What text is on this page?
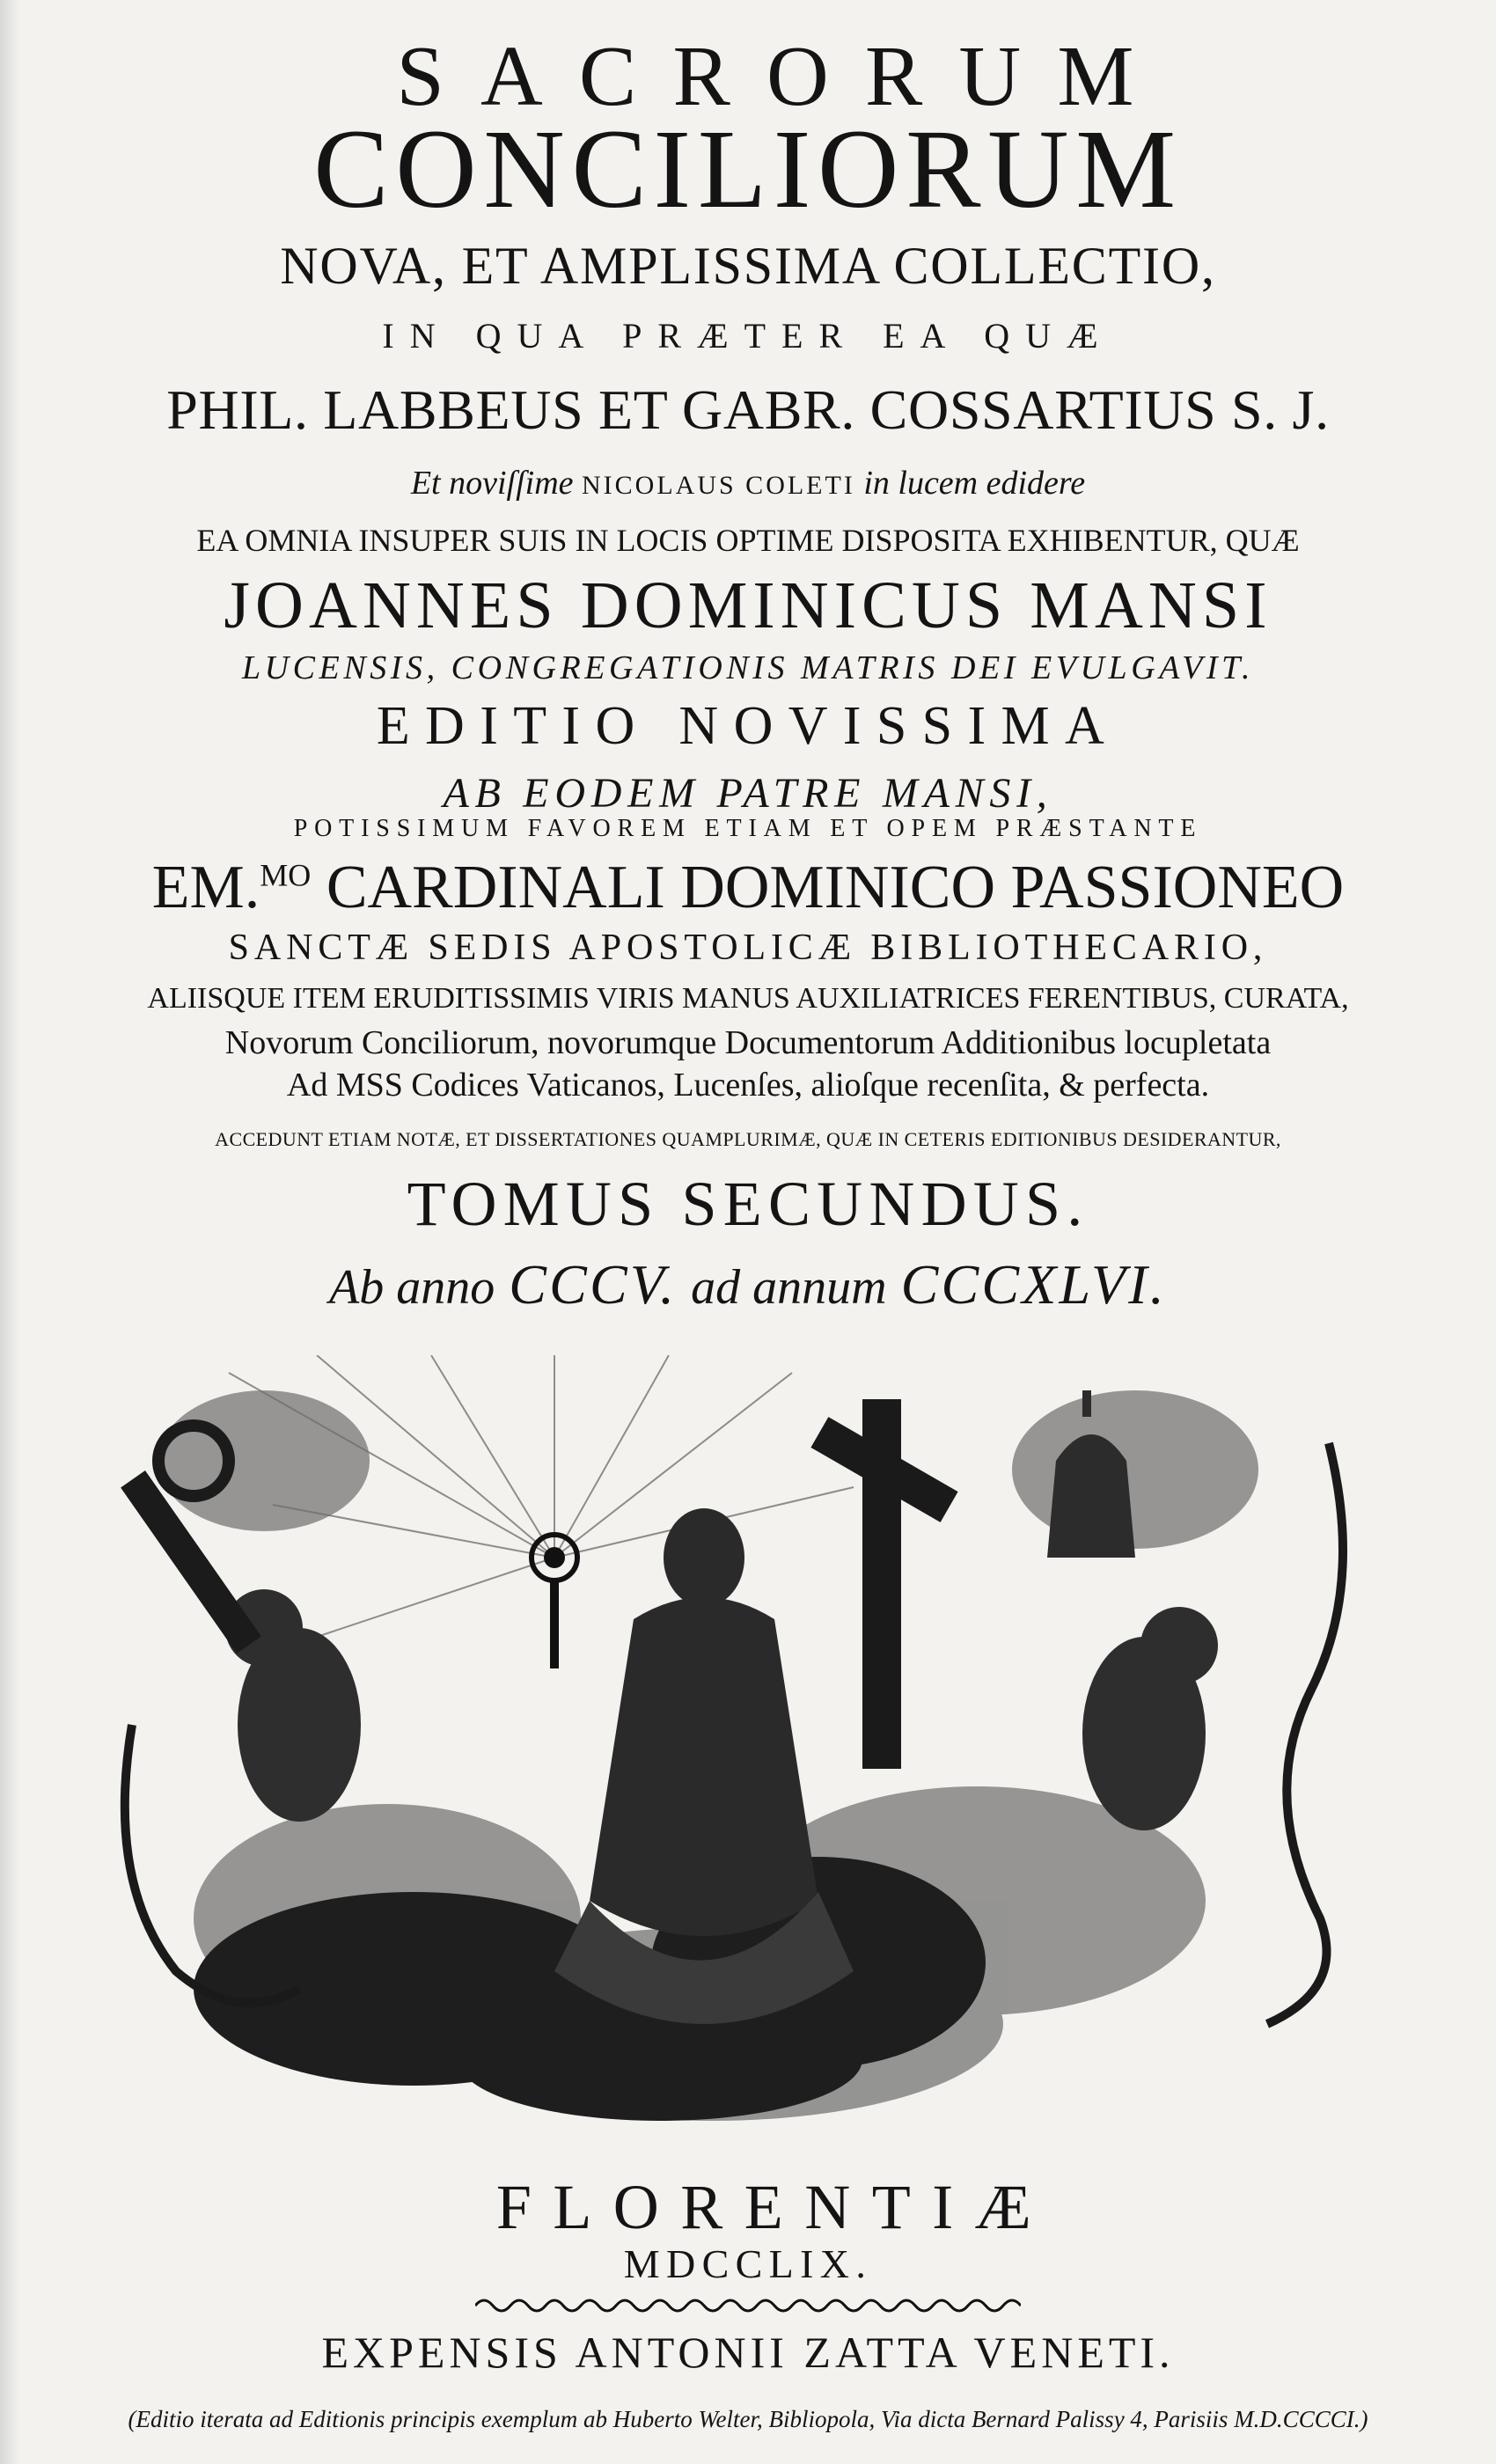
SACRORUM
CONCILIORUM
NOVA, ET AMPLISSIMA COLLECTIO,
IN QUA PRÆTER EA QUÆ
PHIL. LABBEUS ET GABR. COSSARTIUS S. J.
Et noviſſime NICOLAUS COLETI in lucem edidere
EA OMNIA INSUPER SUIS IN LOCIS OPTIME DISPOSITA EXHIBENTUR, QUÆ
JOANNES DOMINICUS MANSI
LUCENSIS, CONGREGATIONIS MATRIS DEI EVULGAVIT.
EDITIO NOVISSIMA
AB EODEM PATRE MANSI,
POTISSIMUM FAVOREM ETIAM ET OPEM PRÆSTANTE
EM.$^{MO}$ CARDINALI DOMINICO PASSIONEO
SANCTÆ SEDIS APOSTOLICÆ BIBLIOTHECARIO,
ALIISQUE ITEM ERUDITISSIMIS VIRIS MANUS AUXILIATRICES FERENTIBUS, CURATA,
Novorum Conciliorum, novorumque Documentorum Additionibus locupletata
Ad MSS Codices Vaticanos, Lucenſes, alioſque recenſita, & perfecta.
ACCEDUNT ETIAM NOTÆ, ET DISSERTATIONES QUAMPLURIMÆ, QUÆ IN CETERIS EDITIONIBUS DESIDERANTUR,
TOMUS SECUNDUS.
Ab anno CCCV. ad annum CCCXLVI.
FLORENTIÆ
MDCCLIX.
EXPENSIS ANTONII ZATTA VENETI.
(Editio iterata ad Editionis principis exemplum ab Huberto Welter, Bibliopola, Via dicta Bernard Palissy 4, Parisiis M.D.CCCCI.)
